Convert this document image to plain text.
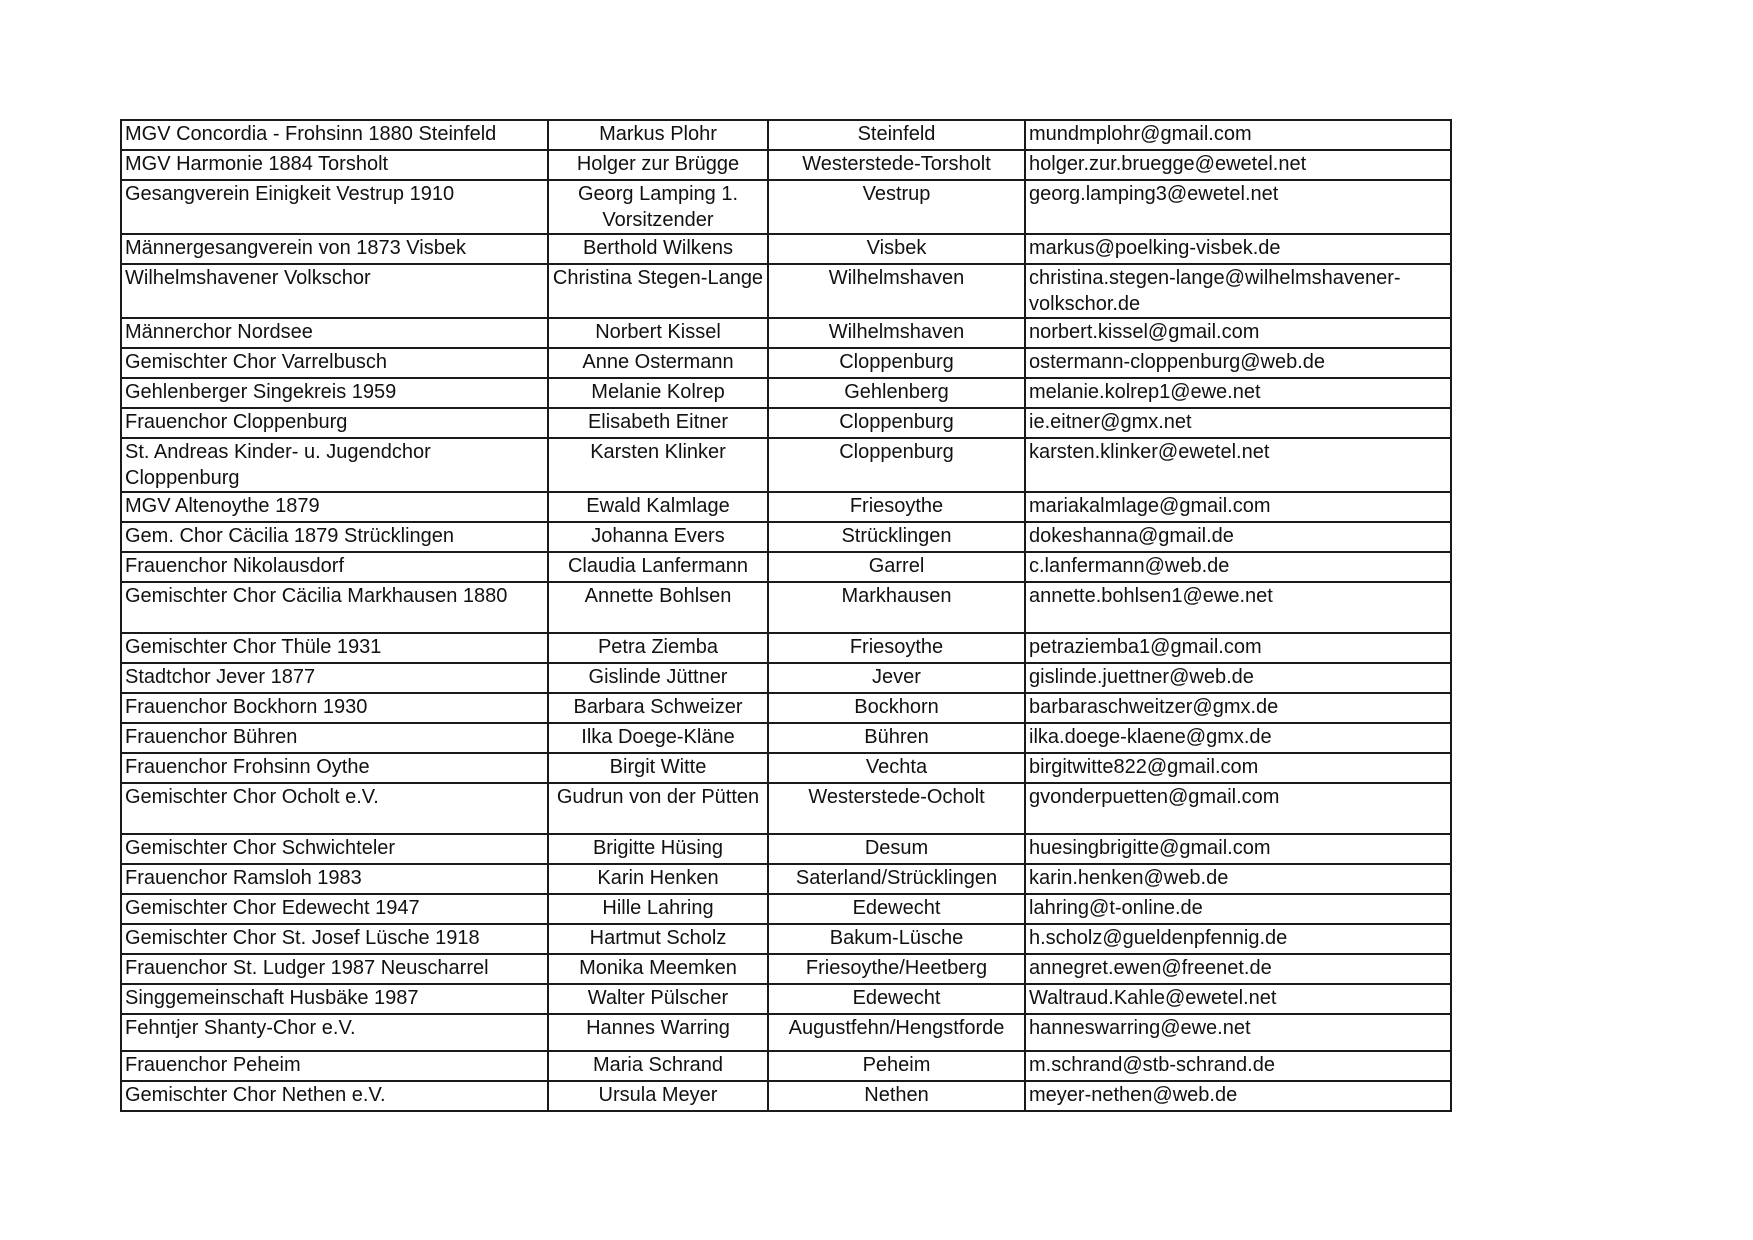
MGV Concordia - Frohsinn 1880 Steinfeld	Markus Plohr	Steinfeld	mundmplohr@gmail.com
MGV Harmonie 1884 Torsholt	Holger zur Brügge	Westerstede-Torsholt	holger.zur.bruegge@ewetel.net
Gesangverein Einigkeit Vestrup 1910	Georg Lamping 1. Vorsitzender	Vestrup	georg.lamping3@ewetel.net
Männergesangverein von 1873 Visbek	Berthold Wilkens	Visbek	markus@poelking-visbek.de
Wilhelmshavener Volkschor	Christina Stegen-Lange	Wilhelmshaven	christina.stegen-lange@wilhelmshavener-volkschor.de
Männerchor Nordsee	Norbert Kissel	Wilhelmshaven	norbert.kissel@gmail.com
Gemischter Chor Varrelbusch	Anne Ostermann	Cloppenburg	ostermann-cloppenburg@web.de
Gehlenberger Singekreis 1959	Melanie Kolrep	Gehlenberg	melanie.kolrep1@ewe.net
Frauenchor Cloppenburg	Elisabeth Eitner	Cloppenburg	ie.eitner@gmx.net
St. Andreas Kinder- u. Jugendchor Cloppenburg	Karsten Klinker	Cloppenburg	karsten.klinker@ewetel.net
MGV Altenoythe 1879	Ewald Kalmlage	Friesoythe	mariakalmlage@gmail.com
Gem. Chor Cäcilia 1879 Strücklingen	Johanna Evers	Strücklingen	dokeshanna@gmail.de
Frauenchor Nikolausdorf	Claudia Lanfermann	Garrel	c.lanfermann@web.de
Gemischter Chor Cäcilia Markhausen 1880	Annette Bohlsen	Markhausen	annette.bohlsen1@ewe.net
Gemischter Chor Thüle 1931	Petra Ziemba	Friesoythe	petraziemba1@gmail.com
Stadtchor Jever 1877	Gislinde Jüttner	Jever	gislinde.juettner@web.de
Frauenchor Bockhorn 1930	Barbara Schweizer	Bockhorn	barbaraschweitzer@gmx.de
Frauenchor Bühren	Ilka Doege-Kläne	Bühren	ilka.doege-klaene@gmx.de
Frauenchor Frohsinn Oythe	Birgit Witte	Vechta	birgitwitte822@gmail.com
Gemischter Chor Ocholt e.V.	Gudrun von der Pütten	Westerstede-Ocholt	gvonderpuetten@gmail.com
Gemischter Chor Schwichteler	Brigitte Hüsing	Desum	huesingbrigitte@gmail.com
Frauenchor Ramsloh 1983	Karin Henken	Saterland/Strücklingen	karin.henken@web.de
Gemischter Chor Edewecht 1947	Hille Lahring	Edewecht	lahring@t-online.de
Gemischter Chor St. Josef Lüsche 1918	Hartmut Scholz	Bakum-Lüsche	h.scholz@gueldenpfennig.de
Frauenchor St. Ludger 1987 Neuscharrel	Monika Meemken	Friesoythe/Heetberg	annegret.ewen@freenet.de
Singgemeinschaft Husbäke 1987	Walter Pülscher	Edewecht	Waltraud.Kahle@ewetel.net
Fehntjer Shanty-Chor e.V.	Hannes Warring	Augustfehn/Hengstforde	hanneswarring@ewe.net
Frauenchor Peheim	Maria Schrand	Peheim	m.schrand@stb-schrand.de
Gemischter Chor Nethen e.V.	Ursula Meyer	Nethen	meyer-nethen@web.de
